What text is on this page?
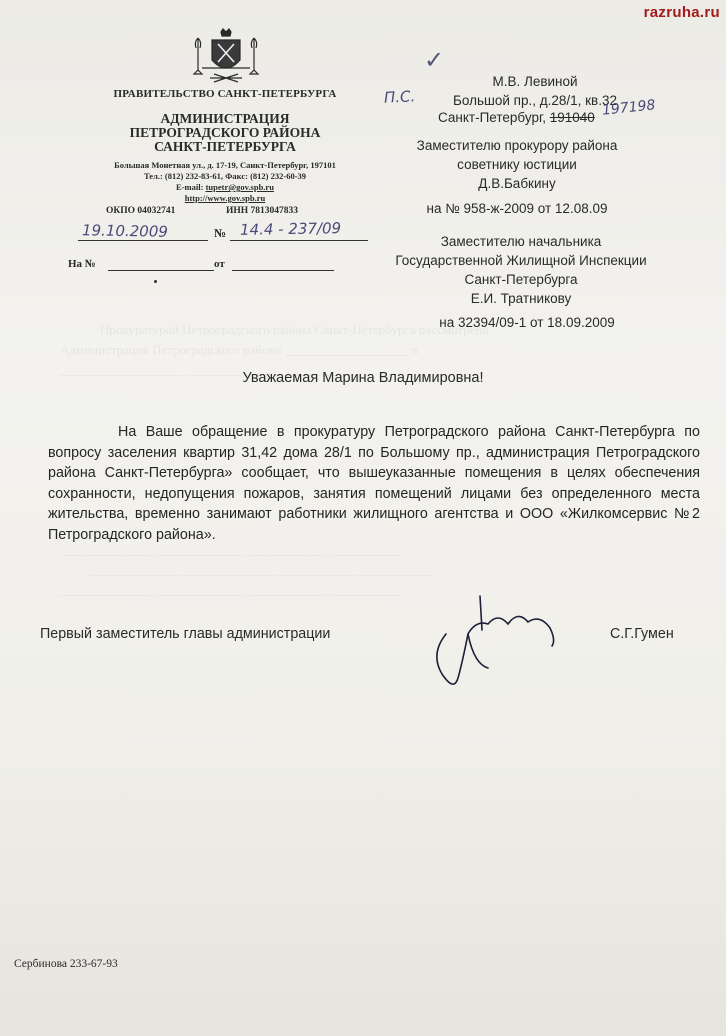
Прокуратурой Петроградского района Санкт-Петербурга рассмотрено
Администрация Петроградского района ___________________ в
___________________ ___________________ _______
______________ ______________ ____________ ___________
______________ ______________ ____________ ___________
______________ ______________ ____________ ___________
razruha.ru
ПРАВИТЕЛЬСТВО САНКТ-ПЕТЕРБУРГА
АДМИНИСТРАЦИЯ
ПЕТРОГРАДСКОГО РАЙОНА
САНКТ-ПЕТЕРБУРГА
Большая Монетная ул., д. 17-19, Санкт-Петербург, 197101
Тел.: (812) 232-83-61, Факс: (812) 232-60-39
E-mail: tupetr@gov.spb.ru
http://www.gov.spb.ru
ОКПО 04032741	ИНН 7813047833
19.10.2009	№ 14.4 - 237/09
На №	от
✓
П.С.
М.В. Левиной
Большой пр., д.28/1, кв.32
Санкт-Петербург, 191040 197198
Заместителю прокурору района
советнику юстиции
Д.В.Бабкину
на № 958-ж-2009 от 12.08.09
Заместителю начальника
Государственной Жилищной Инспекции
Санкт-Петербурга
Е.И. Тратникову
на 32394/09-1 от 18.09.2009
Уважаемая Марина Владимировна!
На Ваше обращение в прокуратуру Петроградского района Санкт-Петербурга по вопросу заселения квартир 31,42 дома 28/1 по Большому пр., администрация Петроградского района Санкт-Петербурга» сообщает, что вышеуказанные помещения в целях обеспечения сохранности, недопущения пожаров, занятия помещений лицами без определенного места жительства, временно занимают работники жилищного агентства и ООО «Жилкомсервис №2 Петроградского района».
Первый заместитель главы администрации	С.Г.Гумен
Сербинова 233-67-93
